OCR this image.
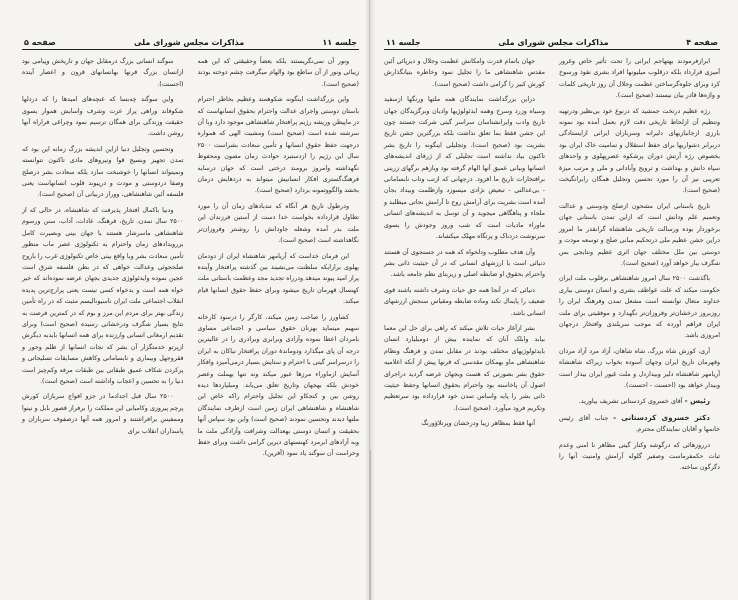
جلسه ۱۱
مذاکرات مجلس شورای ملی
صفحه ۵

ونور آن نمی‌نگریستند بلکه بعضاً وحقیقتی که این همه زیبائی ونور از آن ساطع بود والهام میگرفت چشم دوخته بودند (صحیح است).

واین بزرگداشت اینگونه شکوهمند وعظیم بخاطر احترام باستان دوستی واجرای عدالت واحترام بحقوق انسانهاست که در ماپیطن وریشه رژیم پرافتخار شاهنشاهی موجود دارد وبا آن سرشته شده است (صحیح است) ومشیت الهی که همواره درجهت حفظ حقوق انسانها و تأمین سعادت بشراست ۲۵۰۰ سال این رژیم را ازدستبرد حوادث زمان مصون ومحفوظ نگهداشته وامروز برومند درختی است که جهان درسایه فرهنگ‌گستری افکار انسانیش میتواند به دردهایش درمان بخشد والگووتمونه بردارد (صحیح است).

ودرطول تاریخ هر آنگاه که تندبادهای زمان آن را مورد تطاول قرارداده بخواست خدا دست از آستین فرزندان این ملت بدر آمده وشعله جاودانش را روشنتر وفروزان‌تر نگاهداشته است (صحیح است).

این فرمان خداست که آریامهر شاهنشاه ایران از دودمان پهلوی برارایکه سلطنت می‌نشیند بین گذشته پرافتخار وآینده پراز امید پیوند میدهد ودرراه تجدید مجد وعظمت باستانی ملت کهنسال قهرمان تاریخ میشود وبرای حفظ حقوق انسانها قیام میکند.

کشاورز را صاحب زمین میکند، کارگر را درسود کارخانه سهیم مینماید بهزنان حقوق سیاسی و اجتماعی مساوی بامردان اعطا نموده وآزادی وبرابری وبرادری را در عالیترین درجه آن پای میگذارد ودوماندهٔ دوران پرافتخار نیاکان به ایران را درسراسر گیتی با احترام و ستایش بسیار درمی‌آمیزد وافکار آسایش ازماوراء مرزها عبور میکند ونه تنها بهملت وعصر خودش بلکه بهجهان وتاریخ تعلق می‌یابد. ومبلیاردها دیده روشن بین و کنجکاو این تجلیل واحترام راکه خاص این شاهنشاه و شاهنشاهی ایران زمین است ازطرف نمایندگان ملتها دیدند وتحسین نمودند (صحیح است) واین بود سپاس آنها بحقیقت و انسان دوستی بهعدالت وشرافت وآزادگی ملت ما وبه آزادهای ابرمرد کهنستهای دیرین گرامی داشت وبرای حفظ وحراست آن سوگند یاد نمود (آفرین).

سوگند انسانی بزرگ درمقابل جهان و تاریخش وپیامی بود ازانسان بزرگ قرنها بهانسانهای قرون و اعصار آینده (احسنت).

واین سوگند چه‌بسا که غنچه‌های امیدها را که دردلها شکوفاند وراهی پراز عزت وشرف واسایش هموار بسوی حقیقت وزندگی برای همگان ترسیم نمود وچراغی فراراه آنها روشن داشت.

وتحسین وتجلیل دنیا ازاین اندیشه بزرگ زمانه این بود که تمدن تجهیز وبسیج قوا ونیروهای مادی تاکنون نتوانسته ونمیتواند انسانها را خوشبخت سازد بلکه سعادت بشر درصلح وصفا دردوستی و مودت و درپیوند قلوب انسانهاست یعنی فلسفه آئین شاهنشاهی، ووراز دربیانی آن (صحیح است).

ودنیا باکمال افتخار پذیرفت که شاهنشاه، در حالی که از ۲۵۰۰ سال تمدن، تاریخ، فرهنگ، عادات، آداب، سنن ورسوم شاهنشاهی ماسرشار هستند با جهان بینی وبصیرت کامل بررویدادهای زمان واحترام به تکنولوژی عصر ماب منظور تأمین سعادت بشر وبا واقع بینی خاص تکنولوژی غرب را باروح صلحجوئی وعدالت خواهی که در بطن فلسفه شرق است عجین نموده وایدئولوژی جدیدی بجهان عرضه نموده‌اند که خیر خواه همه است و بدخواه کسی نیست یعنی پرارج‌ترین پدیده انقلاب اجتماعی ملت ایران ناسیونالیسم مثبت که در راه تأمین زندگی بهتر برای مردم این مرز و بوم که در کمترین فرصت به نتایج بسیار شگرف ودرخشانی رسیده (صحیح است) وبرای تقدیم ارمغانی انسانی وارزنده برای همه انسانها بایدبه دیگرش ازپرتو خدمتگزار آن بشر که نجات انسانها از ظلم وجور و فقروجهل وبیماری و نابسامانی وکاهش مسابقات تسلیحاتی و پرکردن شکاف عمیق طبقاتی بین طبقات مرفه وکم‌چیز است دنیا را به تحسین و اعجاب واداشته است (صحیح است).

۲۵۰۰ سال قبل اجدادما در جزو افواج سربازان کورش پرچم پیروزی وکامیابی این مملکت را برفراز قصور بابل و نینوا وممفیس برافراشتند و امروز همه آنها درصفوف سربازان و پاسداران انقلاب برای

صفحه ۴
مذاکرات مجلس شورای ملی
جلسه ۱۱

ابرازفرمودند بهتهاجم ایرانی را تحت تأثیر خاص وغرور آمیزی قرارداد بلکه درقلوب میلیونها افراد بشری نفوذ ورسوخ کرد وبرای جلوه‌گرساختن عظمت وجلال آن روز تاریخی کلمات و واژه‌ها قادر بیان نیستند (صحیح است).

رژه عظیم درتخت جمشید که درنوع خود بی‌نظیر ودرتهیه وتنظیم آن ازلحاظ تاریخی دقت لازم بعمل آمده بود نمونه بارزی ازجانبازیهای دلیرانه وسربازان ایرانی ازایستادگی دربرابر دشواریها برای حفظ استقلال و تمامیت خاک ایران بود بخصوص رژه آرتش دوران پرشکوه عصرپهلوی و واحدهای سپاه دانش و بهداشت و ترویج وآبادانی و ملی و مرتب میزهٔ تعریبی نیز آن را مورد تحسین وتجلیل همگان رابرانگیخت (صحیح است).

تاریخ باستانی ایران مشحون ازصلح ودوستی و عدالت وتعمیم علم ودانش است که ازاین تمدن باستانی جهان برخوردار بوده ورسالت تاریخی شاهنشاه گرانقدر ما امروز دراین جشن عظیم ملی درتحکیم مبانی صلح و توسعه مودت و دوستی بین ملل مختلف جهان اثری عظیم ونتایجی بس شگرف ببار خواهد آورد (صحیح است).

باگذشت ۲۵۰۰ سال امروز شاهنشاهی برقلوب ملت ایران حکومت میکند که علت عواطف بشری و انسان دوستی بیاری خداوند متعال توانسته است مشعل تمدن وفرهنگ ایران را روزبروز درخشان‌تر وفروزان‌تر نگهدارد و موفقیتی برای ملت ایران فراهم آورده که موجب سربلندی وافتخار درجهان امروزی باشد.

آری، کورش شاه بزرگ، شاه شاهان، آزاد مرد آزاد مردان وقهرمان تاریخ ایران وجهان آسوده بخواب زیراکه شاهنشاه آریامهر شاهنشاه دلیر وبیداردل و ملت غیور ایران بیدار است وبیدار خواهد بود (احسنت - احسنت).

رئیس - آقای خسروی کردستانی تشریف بیاورید.

دکتر خسروی کردستانی - جناب آقای رئیس خانمها و آقایان نمایندگان محترم.

درروزهائی که درگوشه وکنار گیتی مظاهر نا امنی وعدم ثبات حکمفرماست وصفیر گلوله آرامش وامنیت آنها را دگرگون ساخته.

جهان باتمام قدرت وامکانش عظمت وجلال و دیرپائی آئین مقدس شاهنشاهی ما را تجلیل نمود وخاطره بنیانگذارش کورش کبیر را گرامی داشت (صحیح است).

دراین بزرگداشت نمایندگان همه ملتها ورنگها ازسفید وسیاه وزرد وسرخ وهمه ایدئولوژیها وادیان وبرگزیدگان جهان تاریخ وادب وایرانشناسان سراسر گیتی شرکت جستند چون این جشن فقط بما تعلق نداشت بلکه بزرگترین جشن تاریخ بشریت بود (صحیح است). وتجلیلی اینگونه را تاریخ بشر تاکنون بیاد نداشته است تجلیلی که از ژرفای اندیشه‌های انسانها وبیانی عمیق آنها الهام گرفته بود وبازهم برگهای زرینی برافتخارات تاریخ ما افزود. درجهانی که ازتب وتاب نابسامانی - بی‌عدالتی - تبعیض نژادی میسوزد وازظلمت وبیداد بجان آمده است بشریت برای آرامش روح تا آرامش نجاتی میطلبد و ملجاء و پناهگاهی میجوید و آن توسل به اندیشه‌های انسانی ماوراء مادیات است که شب وروز وجودش را بسوی سرنوشت دردناک و پرتگاه مهلک میکشاند.

وآن هدف مطلوب ودلخواه که همه در جستجوی آن هستند دنیائی است با ارزشهای انسانی که در آن حیثیت ذاتی بشر واحترام بحقوق او ضابطه اصلی و زیربنای نظم جامعه باشد.

دنیائی که در آنجا همه حق حیات وشرف داشته باشند قوی ضعیف را پایمال نکند وماده ضابطه ومقیاس سنجش ارزشهای انسانی باشد.

بشر ازآغاز حیات تلاش میکند که راهی برای حل این معما بیابد وابلک آنان که نماینده بیش از دومیلیارد انسان بایدئولوژیهای مختلف بودند در مقابل تمدن و فرهنگ ونظام شاهنشاهی ماو بهمکان مقدسی که قرنها پیش از آنکه اعلامیه حقوق بشر بصورتی که هست وبجهان عرضه گردید دراجرای اصول آن پاخاسته بود واحترام بحقوق انسانها وحفظ حیثیت ذاتی بشر را پایه واساس تمدن خود قرارداده بود سرتعظیم وتکریم فرود میآورد. (صحیح است).

آنها فقط بمظاهر زیبا ودرخشان وپرتلاؤورنگ
